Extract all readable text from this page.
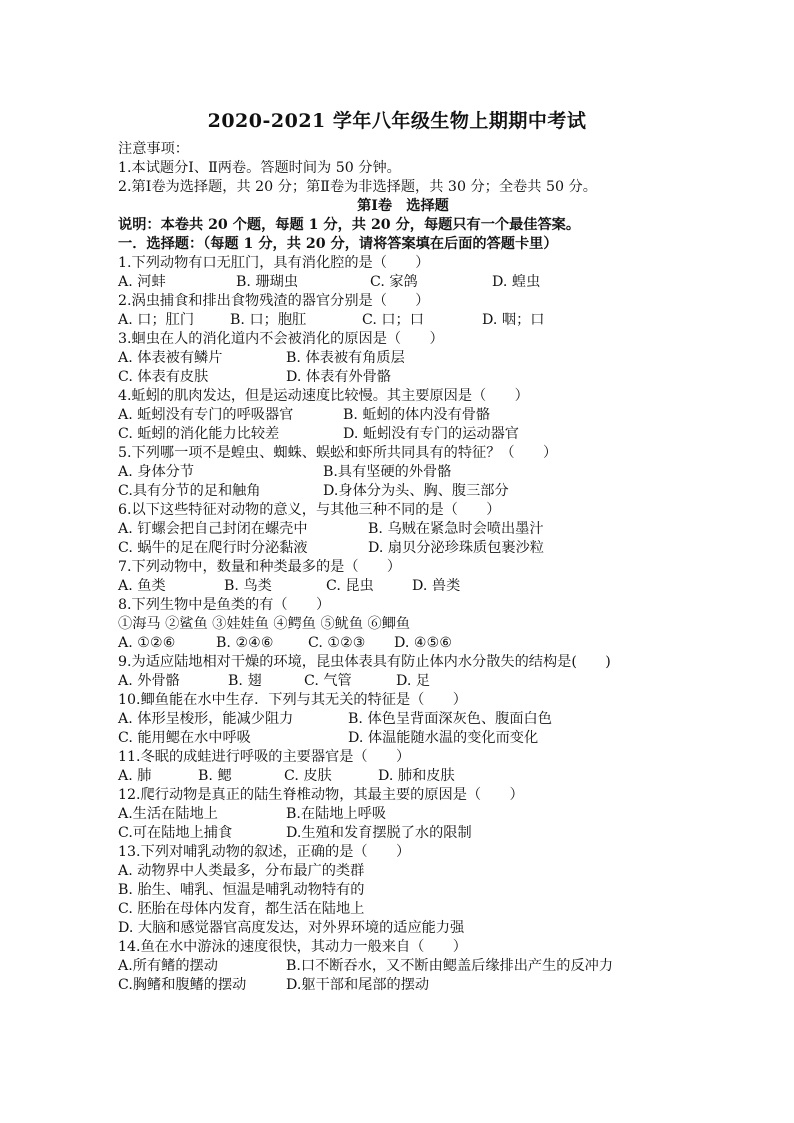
2020-2021 学年八年级生物上期期中考试
注意事项：
1.本试题分Ⅰ、Ⅱ两卷。答题时间为 50 分钟。
2.第Ⅰ卷为选择题，共 20 分；第Ⅱ卷为非选择题，共 30 分；全卷共 50 分。
第Ⅰ卷　选择题
说明：本卷共 20 个题，每题 1 分，共 20 分，每题只有一个最佳答案。
一．选择题：（每题 1 分，共 20 分，请将答案填在后面的答题卡里）
1.下列动物有口无肛门，具有消化腔的是（　　）
A. 河蚌	B. 珊瑚虫	C. 家鸽	D. 蝗虫
2.涡虫捕食和排出食物残渣的器官分别是（　　）
A. 口；肛门	B. 口；胞肛	C. 口；口	D. 咽；口
3.蛔虫在人的消化道内不会被消化的原因是（　　）
A. 体表被有鳞片	B. 体表被有角质层
C. 体表有皮肤	D. 体表有外骨骼
4.蚯蚓的肌肉发达，但是运动速度比较慢。其主要原因是（　　）
A. 蚯蚓没有专门的呼吸器官	B. 蚯蚓的体内没有骨骼
C. 蚯蚓的消化能力比较差	D. 蚯蚓没有专门的运动器官
5.下列哪一项不是蝗虫、蜘蛛、蜈蚣和虾所共同具有的特征？（　　）
A. 身体分节	B.具有坚硬的外骨骼
C.具有分节的足和触角	D.身体分为头、胸、腹三部分
6.以下这些特征对动物的意义，与其他三种不同的是（　　）
A. 钉螺会把自己封闭在螺壳中	B. 乌贼在紧急时会喷出墨汁
C. 蜗牛的足在爬行时分泌黏液	D. 扇贝分泌珍珠质包裹沙粒
7.下列动物中，数量和种类最多的是（　　）
A. 鱼类	B. 鸟类	C. 昆虫	D. 兽类
8.下列生物中是鱼类的有（　　）
①海马 ②鲨鱼 ③娃娃鱼 ④鳄鱼 ⑤鱿鱼 ⑥鲫鱼
A. ①②⑥	B. ②④⑥	C. ①②③	D. ④⑤⑥
9.为适应陆地相对干燥的环境，昆虫体表具有防止体内水分散失的结构是(　　)
A. 外骨骼	B. 翅	C. 气管	D. 足
10.鲫鱼能在水中生存．下列与其无关的特征是（　　）
A. 体形呈梭形，能减少阻力	B. 体色呈背面深灰色、腹面白色
C. 能用鳃在水中呼吸	D. 体温能随水温的变化而变化
11.冬眠的成蛙进行呼吸的主要器官是（　　）
A. 肺	B. 鳃	C. 皮肤	D. 肺和皮肤
12.爬行动物是真正的陆生脊椎动物，其最主要的原因是（　　）
A.生活在陆地上	B.在陆地上呼吸
C.可在陆地上捕食	D.生殖和发育摆脱了水的限制
13.下列对哺乳动物的叙述，正确的是（　　）
A. 动物界中人类最多，分布最广的类群
B. 胎生、哺乳、恒温是哺乳动物特有的
C. 胚胎在母体内发育，都生活在陆地上
D. 大脑和感觉器官高度发达，对外界环境的适应能力强
14.鱼在水中游泳的速度很快，其动力一般来自（　　）
A.所有鳍的摆动	B.口不断吞水，又不断由鳃盖后缘排出产生的反冲力
C.胸鳍和腹鳍的摆动	D.躯干部和尾部的摆动
